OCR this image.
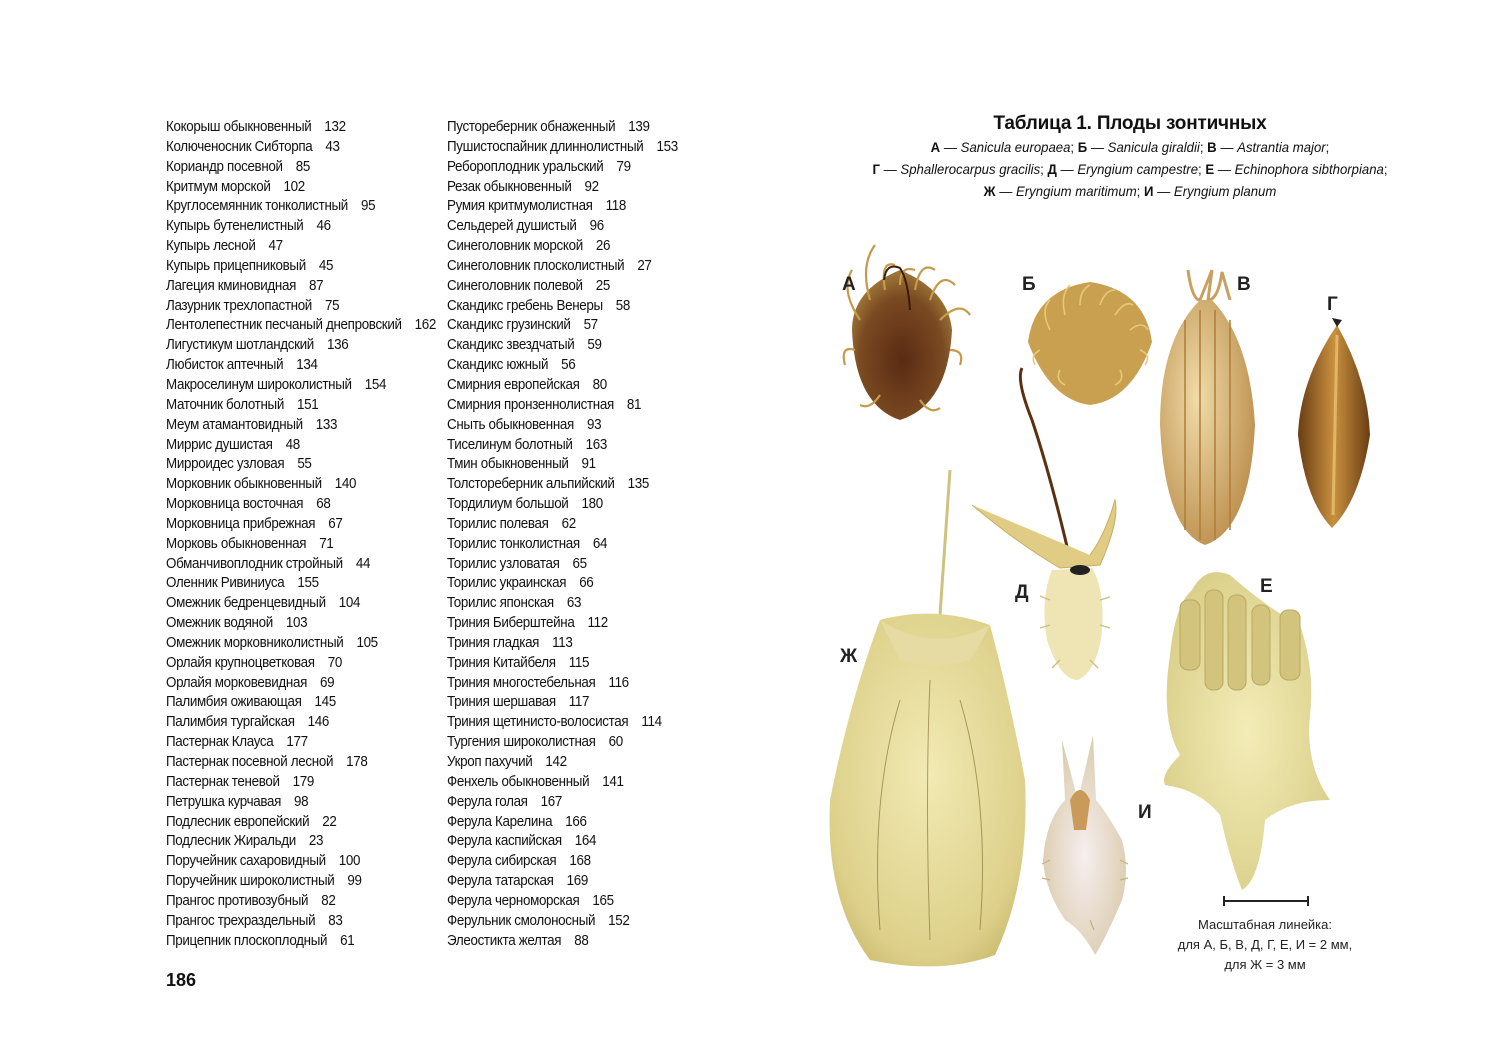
Кокорыш обыкновенный 132
Колюченосник Сибторпа 43
Кориандр посевной 85
Критмум морской 102
Круглосемянник тонколистный 95
Купырь бутенелистный 46
Купырь лесной 47
Купырь прицепниковый 45
Лагеция кминовидная 87
Лазурник трехлопастной 75
Лентолепестник песчаный днепровский 162
Лигустикум шотландский 136
Любисток аптечный 134
Макроселинум широколистный 154
Маточник болотный 151
Меум атамантовидный 133
Миррис душистая 48
Мирроидес узловая 55
Морковник обыкновенный 140
Морковница восточная 68
Морковница прибрежная 67
Морковь обыкновенная 71
Обманчивоплодник стройный 44
Оленник Ривиниуса 155
Омежник бедренцевидный 104
Омежник водяной 103
Омежник морковниколистный 105
Орлайя крупноцветковая 70
Орлайя морковевидная 69
Палимбия оживающая 145
Палимбия тургайская 146
Пастернак Клауса 177
Пастернак посевной лесной 178
Пастернак теневой 179
Петрушка курчавая 98
Подлесник европейский 22
Подлесник Жиральди 23
Поручейник сахаровидный 100
Поручейник широколистный 99
Прангос противозубный 82
Прангос трехраздельный 83
Прицепник плоскоплодный 61
Пустореберник обнаженный 139
Пушистоспайник длиннолистный 153
Ребороплодник уральский 79
Резак обыкновенный 92
Румия критмумолистная 118
Сельдерей душистый 96
Синеголовник морской 26
Синеголовник плосколистный 27
Синеголовник полевой 25
Скандикс гребень Венеры 58
Скандикс грузинский 57
Скандикс звездчатый 59
Скандикс южный 56
Смирния европейская 80
Смирния пронзеннолистная 81
Сныть обыкновенная 93
Тиселинум болотный 163
Тмин обыкновенный 91
Толстореберник альпийский 135
Тордилиум большой 180
Торилис полевая 62
Торилис тонколистная 64
Торилис узловатая 65
Торилис украинская 66
Торилис японская 63
Триния Биберштейна 112
Триния гладкая 113
Триния Китайбеля 115
Триния многостебельная 116
Триния шершавая 117
Триния щетинисто-волосистая 114
Тургения широколистная 60
Укроп пахучий 142
Фенхель обыкновенный 141
Ферула голая 167
Ферула Карелина 166
Ферула каспийская 164
Ферула сибирская 168
Ферула татарская 169
Ферула черноморская 165
Ферульник смолоносный 152
Элеостикта желтая 88
186
Таблица 1. Плоды зонтичных
А — Sanicula europaea; Б — Sanicula giraldii; В — Astrantia major;
Г — Sphallerocarpus gracilis; Д — Eryngium campestre; Е — Echinophora sibthorpiana;
Ж — Eryngium maritimum; И — Eryngium planum
А	Б	В
Г
Д	Е
Ж
И
Масштабная линейка:
для А, Б, В, Д, Г, Е, И = 2 мм,
для Ж = 3 мм
